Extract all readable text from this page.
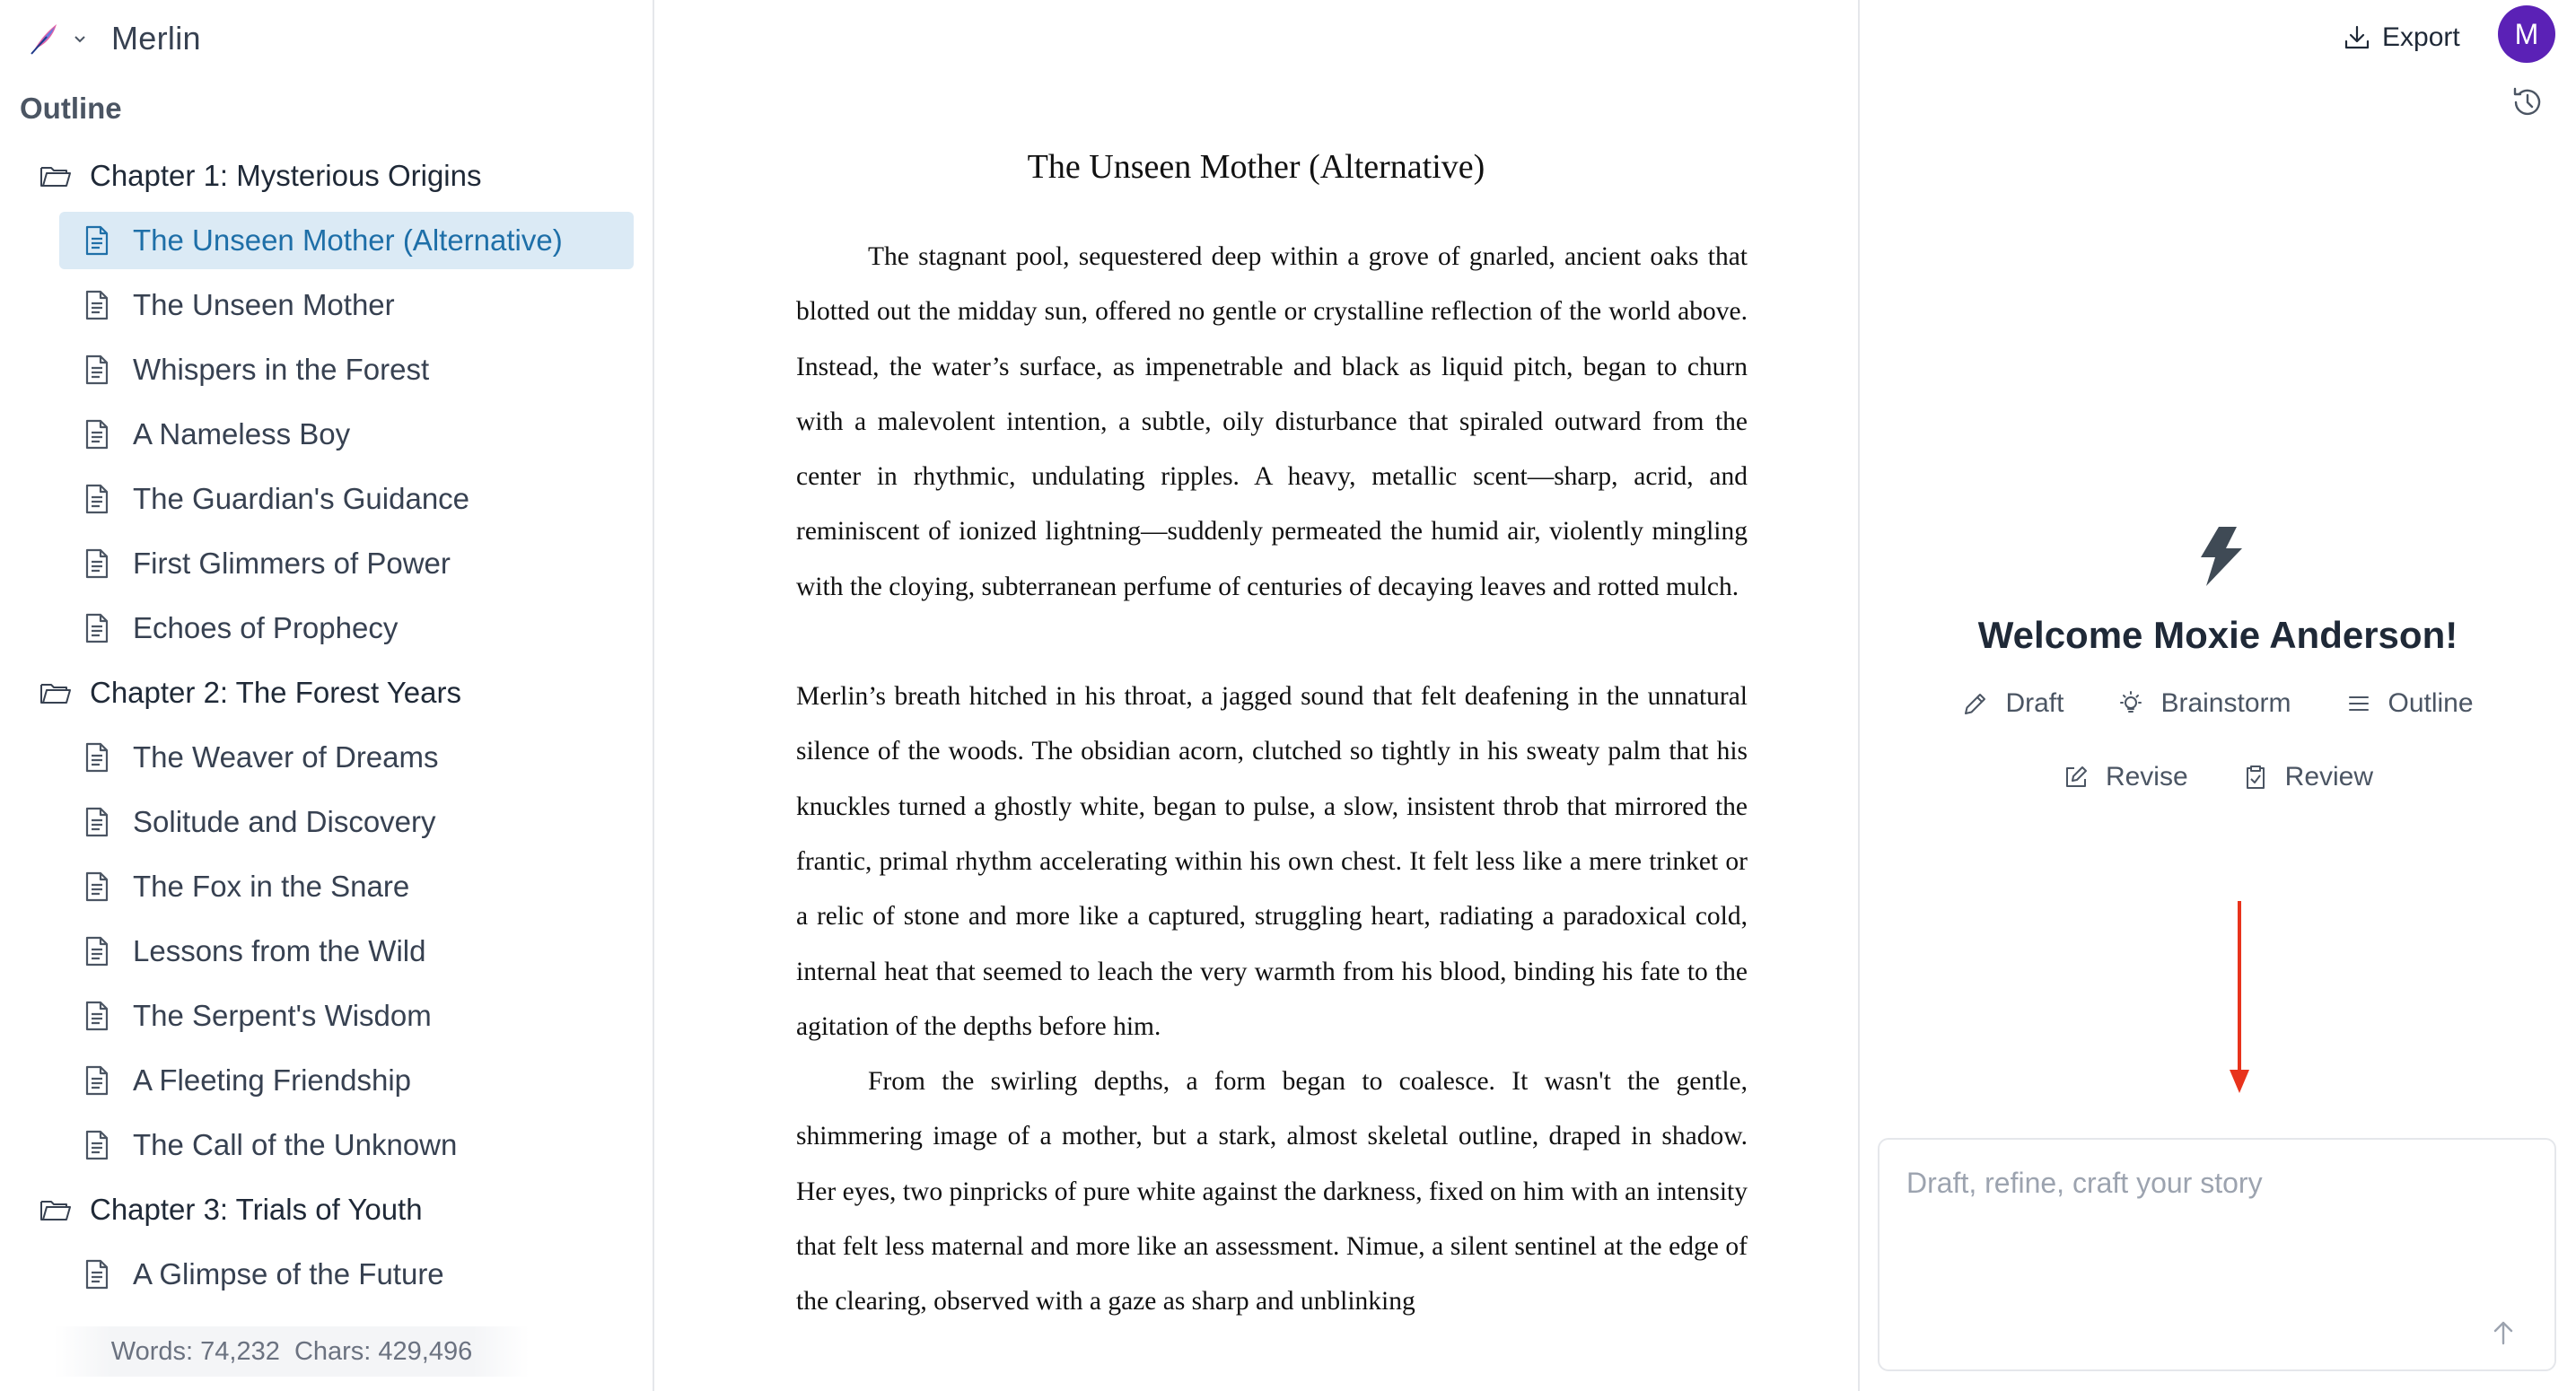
Merlin
Outline
Chapter 1: Mysterious Origins
The Unseen Mother (Alternative)
The Unseen Mother
Whispers in the Forest
A Nameless Boy
The Guardian's Guidance
First Glimmers of Power
Echoes of Prophecy
Chapter 2: The Forest Years
The Weaver of Dreams
Solitude and Discovery
The Fox in the Snare
Lessons from the Wild
The Serpent's Wisdom
A Fleeting Friendship
The Call of the Unknown
Chapter 3: Trials of Youth
A Glimpse of the Future
Words: 74,232  Chars: 429,496
The Unseen Mother (Alternative)

The stagnant pool, sequestered deep within a grove of gnarled, ancient oaks that blotted out the midday sun, offered no gentle or crystalline reflection of the world above. Instead, the water’s surface, as impenetrable and black as liquid pitch, began to churn with a malevolent intention, a subtle, oily disturbance that spiraled outward from the center in rhythmic, undulating ripples. A heavy, metallic scent—sharp, acrid, and reminiscent of ionized lightning—suddenly permeated the humid air, violently mingling with the cloying, subterranean perfume of centuries of decaying leaves and rotted mulch.

Merlin’s breath hitched in his throat, a jagged sound that felt deafening in the unnatural silence of the woods. The obsidian acorn, clutched so tightly in his sweaty palm that his knuckles turned a ghostly white, began to pulse, a slow, insistent throb that mirrored the frantic, primal rhythm accelerating within his own chest. It felt less like a mere trinket or a relic of stone and more like a captured, struggling heart, radiating a paradoxical cold, internal heat that seemed to leach the very warmth from his blood, binding his fate to the agitation of the depths before him.

From the swirling depths, a form began to coalesce. It wasn't the gentle, shimmering image of a mother, but a stark, almost skeletal outline, draped in shadow. Her eyes, two pinpricks of pure white against the darkness, fixed on him with an intensity that felt less maternal and more like an assessment. Nimue, a silent sentinel at the edge of the clearing, observed with a gaze as sharp and unblinking

Export	M
Welcome Moxie Anderson!
Draft	Brainstorm	Outline
Revise	Review
Draft, refine, craft your story
